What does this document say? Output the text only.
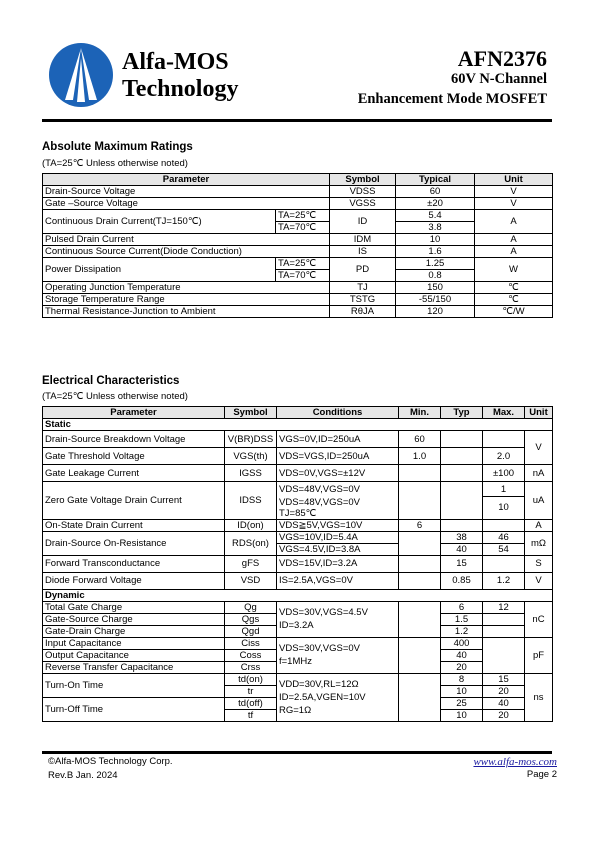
Alfa-MOS
Technology
AFN2376
60V N-Channel
Enhancement Mode MOSFET
Absolute Maximum Ratings
(TA=25℃ Unless otherwise noted)
Parameter		Symbol	Typical	Unit
Drain-Source Voltage		VDSS	60	V
Gate –Source Voltage		VGSS	±20	V
Continuous Drain Current(TJ=150℃)	TA=25℃	ID	5.4	A
	TA=70℃		3.8	
Pulsed Drain Current		IDM	10	A
Continuous Source Current(Diode Conduction)		IS	1.6	A
Power Dissipation	TA=25℃	PD	1.25	W
	TA=70℃		0.8	
Operating Junction Temperature		TJ	150	℃
Storage Temperature Range		TSTG	-55/150	℃
Thermal Resistance-Junction to Ambient		RθJA	120	℃/W
Electrical Characteristics
(TA=25℃ Unless otherwise noted)
Parameter	Symbol	Conditions	Min.	Typ	Max.	Unit
Static						
Drain-Source Breakdown Voltage	V(BR)DSS	VGS=0V,ID=250uA	60			V
Gate Threshold Voltage	VGS(th)	VDS=VGS,ID=250uA	1.0		2.0	
Gate Leakage Current	IGSS	VDS=0V,VGS=±12V			±100	nA
Zero Gate Voltage Drain Current	IDSS	VDS=48V,VGS=0V			1	uA
		VDS=48V,VGS=0V			10	
		TJ=85℃				
On-State Drain Current	ID(on)	VDS≧5V,VGS=10V	6			A
Drain-Source On-Resistance	RDS(on)	VGS=10V,ID=5.4A		38	46	mΩ
		VGS=4.5V,ID=3.8A		40	54	
Forward Transconductance	gFS	VDS=15V,ID=3.2A		15		S
Diode Forward Voltage	VSD	IS=2.5A,VGS=0V		0.85	1.2	V
Dynamic						
Total Gate Charge	Qg	VDS=30V,VGS=4.5V
ID=3.2A		6	12	nC
Gate-Source Charge	Qgs			1.5		
Gate-Drain Charge	Qgd			1.2		
Input Capacitance	Ciss	VDS=30V,VGS=0V
f=1MHz		400		pF
Output Capacitance	Coss			40		
Reverse Transfer Capacitance	Crss			20		
Turn-On Time	td(on)	VDD=30V,RL=12Ω
ID=2.5A,VGEN=10V
RG=1Ω		8	15	ns
	tr			10	20	
Turn-Off Time	td(off)			25	40	
	tf			10	20	
©Alfa-MOS Technology Corp.
Rev.B Jan. 2024
www.alfa-mos.com
Page 2
